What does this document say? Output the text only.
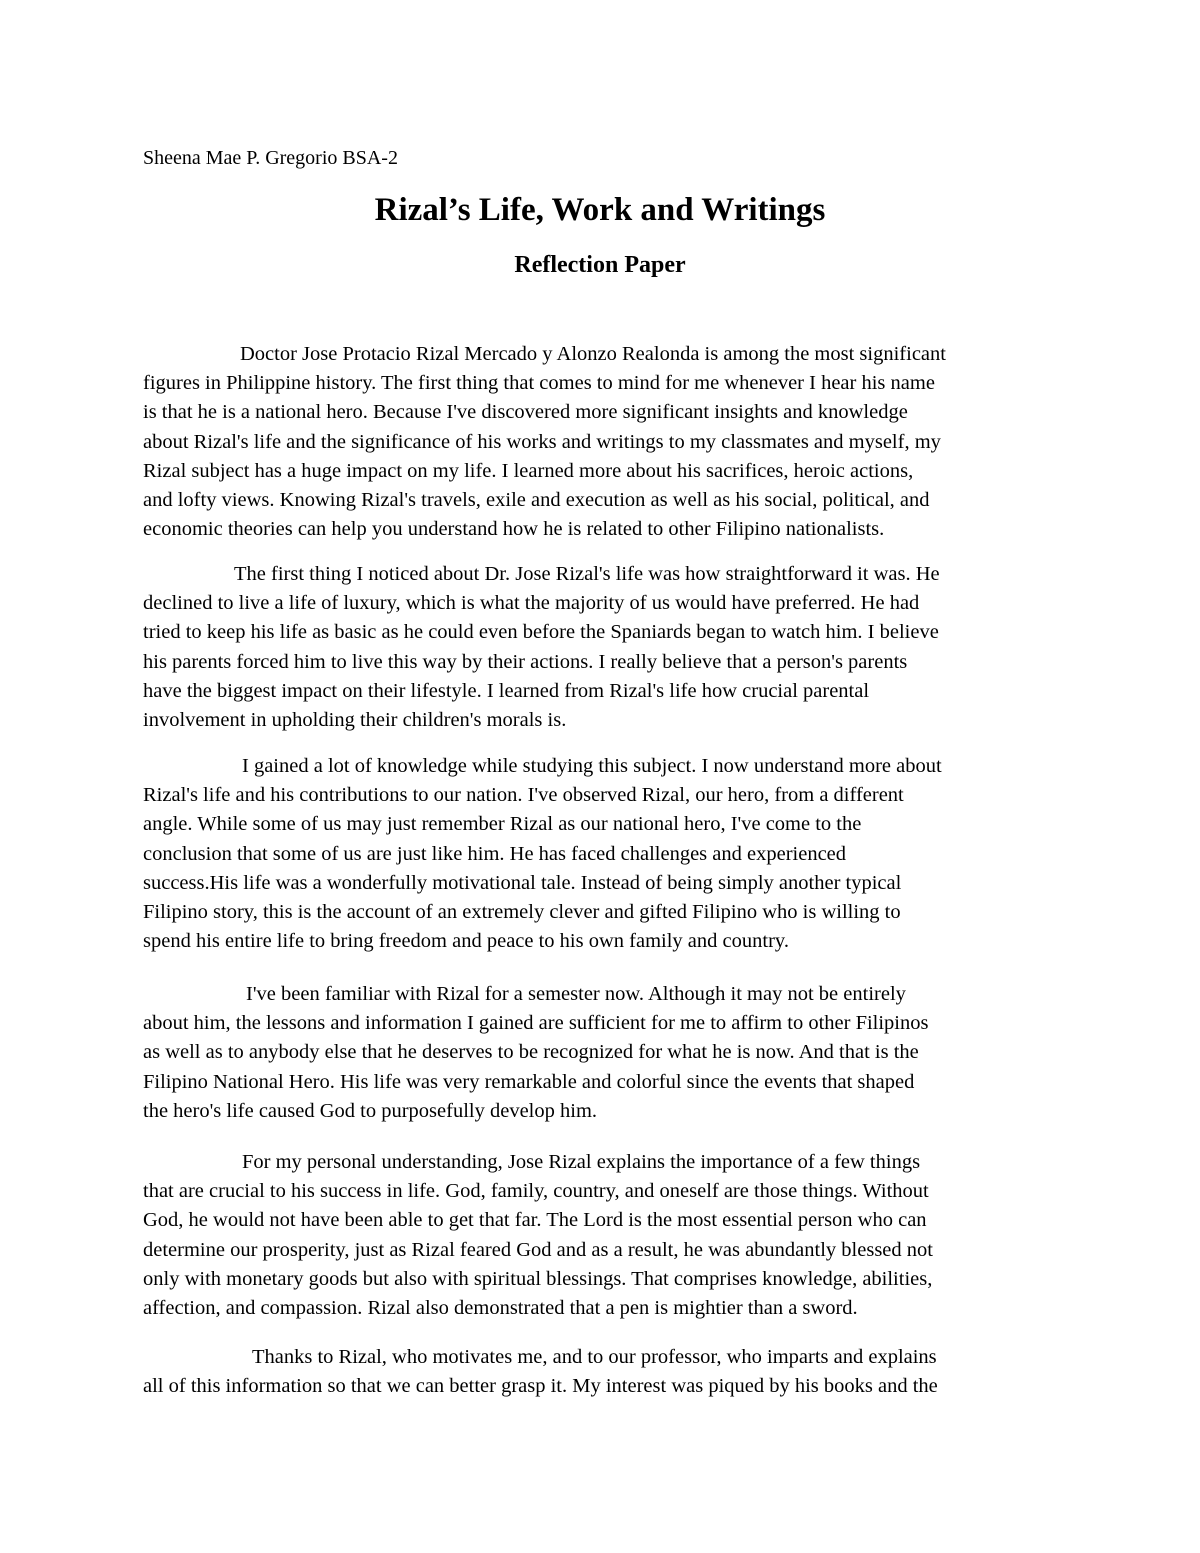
Sheena Mae P. Gregorio BSA-2
Rizal’s Life, Work and Writings
Reflection Paper
Doctor Jose Protacio Rizal Mercado y Alonzo Realonda is among the most significant
figures in Philippine history. The first thing that comes to mind for me whenever I hear his name
is that he is a national hero. Because I've discovered more significant insights and knowledge
about Rizal's life and the significance of his works and writings to my classmates and myself, my
Rizal subject has a huge impact on my life. I learned more about his sacrifices, heroic actions,
and lofty views. Knowing Rizal's travels, exile and execution as well as his social, political, and
economic theories can help you understand how he is related to other Filipino nationalists.
The first thing I noticed about Dr. Jose Rizal's life was how straightforward it was. He
declined to live a life of luxury, which is what the majority of us would have preferred. He had
tried to keep his life as basic as he could even before the Spaniards began to watch him. I believe
his parents forced him to live this way by their actions. I really believe that a person's parents
have the biggest impact on their lifestyle. I learned from Rizal's life how crucial parental
involvement in upholding their children's morals is.
I gained a lot of knowledge while studying this subject. I now understand more about
Rizal's life and his contributions to our nation. I've observed Rizal, our hero, from a different
angle. While some of us may just remember Rizal as our national hero, I've come to the
conclusion that some of us are just like him. He has faced challenges and experienced
success.His life was a wonderfully motivational tale. Instead of being simply another typical
Filipino story, this is the account of an extremely clever and gifted Filipino who is willing to
spend his entire life to bring freedom and peace to his own family and country.
I've been familiar with Rizal for a semester now. Although it may not be entirely
about him, the lessons and information I gained are sufficient for me to affirm to other Filipinos
as well as to anybody else that he deserves to be recognized for what he is now. And that is the
Filipino National Hero. His life was very remarkable and colorful since the events that shaped
the hero's life caused God to purposefully develop him.
For my personal understanding, Jose Rizal explains the importance of a few things
that are crucial to his success in life. God, family, country, and oneself are those things. Without
God, he would not have been able to get that far. The Lord is the most essential person who can
determine our prosperity, just as Rizal feared God and as a result, he was abundantly blessed not
only with monetary goods but also with spiritual blessings. That comprises knowledge, abilities,
affection, and compassion. Rizal also demonstrated that a pen is mightier than a sword.
Thanks to Rizal, who motivates me, and to our professor, who imparts and explains
all of this information so that we can better grasp it. My interest was piqued by his books and the
